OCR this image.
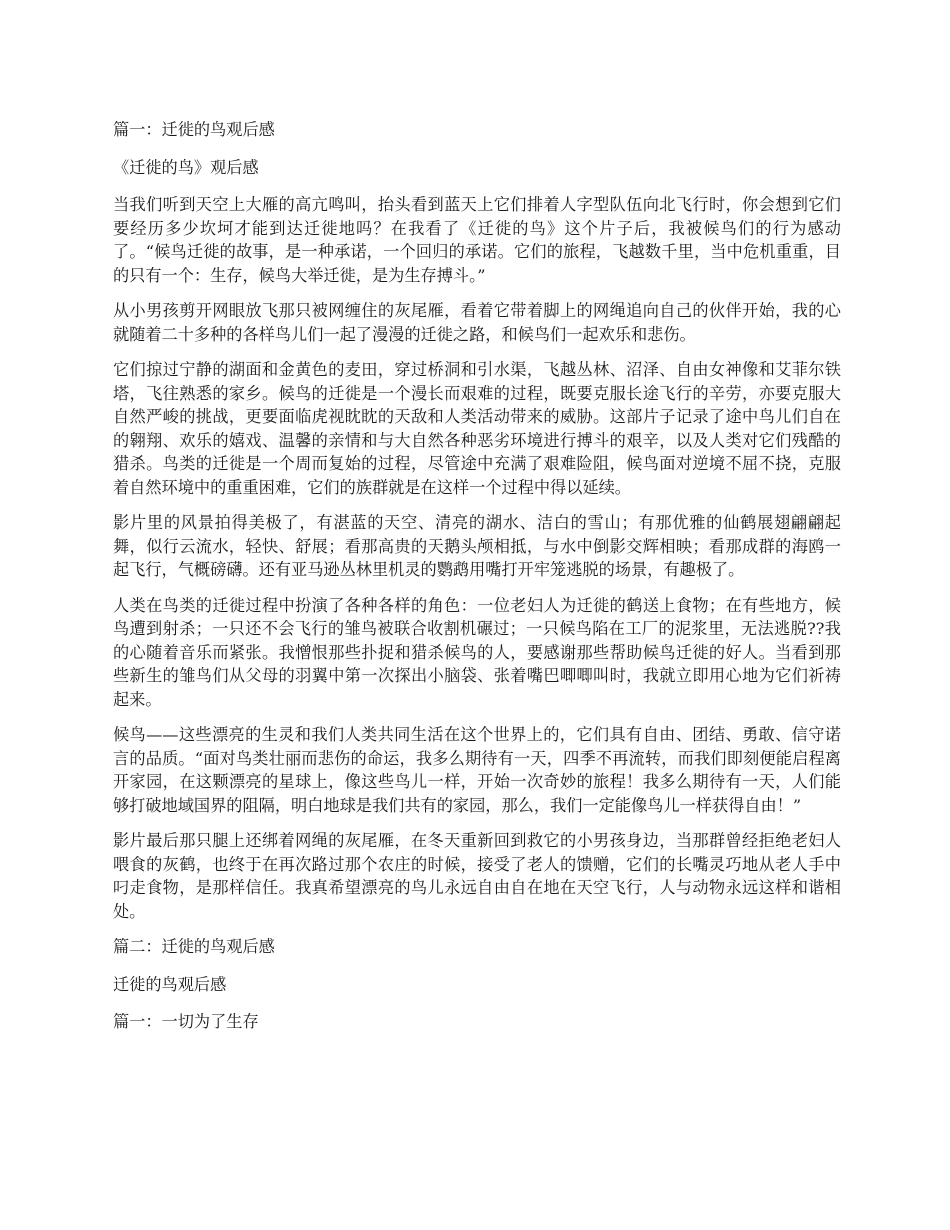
篇一：迁徙的鸟观后感

《迁徙的鸟》观后感

当我们听到天空上大雁的高亢鸣叫，抬头看到蓝天上它们排着人字型队伍向北飞行时，你会想到它们要经历多少坎坷才能到达迁徙地吗？在我看了《迁徙的鸟》这个片子后，我被候鸟们的行为感动了。“候鸟迁徙的故事，是一种承诺，一个回归的承诺。它们的旅程，飞越数千里，当中危机重重，目的只有一个：生存，候鸟大举迁徙，是为生存搏斗。”

从小男孩剪开网眼放飞那只被网缠住的灰尾雁，看着它带着脚上的网绳追向自己的伙伴开始，我的心就随着二十多种的各样鸟儿们一起了漫漫的迁徙之路，和候鸟们一起欢乐和悲伤。

它们掠过宁静的湖面和金黄色的麦田，穿过桥洞和引水渠，飞越丛林、沼泽、自由女神像和艾菲尔铁塔，飞往熟悉的家乡。候鸟的迁徙是一个漫长而艰难的过程，既要克服长途飞行的辛劳，亦要克服大自然严峻的挑战，更要面临虎视眈眈的天敌和人类活动带来的威胁。这部片子记录了途中鸟儿们自在的翱翔、欢乐的嬉戏、温馨的亲情和与大自然各种恶劣环境进行搏斗的艰辛，以及人类对它们残酷的猎杀。鸟类的迁徙是一个周而复始的过程，尽管途中充满了艰难险阻，候鸟面对逆境不屈不挠，克服着自然环境中的重重困难，它们的族群就是在这样一个过程中得以延续。

影片里的风景拍得美极了，有湛蓝的天空、清亮的湖水、洁白的雪山；有那优雅的仙鹤展翅翩翩起舞，似行云流水，轻快、舒展；看那高贵的天鹅头颅相抵，与水中倒影交辉相映；看那成群的海鸥一起飞行，气概磅礴。还有亚马逊丛林里机灵的鹦鹉用嘴打开牢笼逃脱的场景，有趣极了。

人类在鸟类的迁徙过程中扮演了各种各样的角色：一位老妇人为迁徙的鹤送上食物；在有些地方，候鸟遭到射杀；一只还不会飞行的雏鸟被联合收割机碾过；一只候鸟陷在工厂的泥浆里，无法逃脱??我的心随着音乐而紧张。我憎恨那些扑捉和猎杀候鸟的人，要感谢那些帮助候鸟迁徙的好人。当看到那些新生的雏鸟们从父母的羽翼中第一次探出小脑袋、张着嘴巴唧唧叫时，我就立即用心地为它们祈祷起来。

候鸟——这些漂亮的生灵和我们人类共同生活在这个世界上的，它们具有自由、团结、勇敢、信守诺言的品质。“面对鸟类壮丽而悲伤的命运，我多么期待有一天，四季不再流转，而我们即刻便能启程离开家园，在这颗漂亮的星球上，像这些鸟儿一样，开始一次奇妙的旅程！我多么期待有一天，人们能够打破地域国界的阻隔，明白地球是我们共有的家园，那么，我们一定能像鸟儿一样获得自由！”

影片最后那只腿上还绑着网绳的灰尾雁，在冬天重新回到救它的小男孩身边，当那群曾经拒绝老妇人喂食的灰鹤，也终于在再次路过那个农庄的时候，接受了老人的馈赠，它们的长嘴灵巧地从老人手中叼走食物，是那样信任。我真希望漂亮的鸟儿永远自由自在地在天空飞行，人与动物永远这样和谐相处。

篇二：迁徙的鸟观后感

迁徙的鸟观后感

篇一：一切为了生存
